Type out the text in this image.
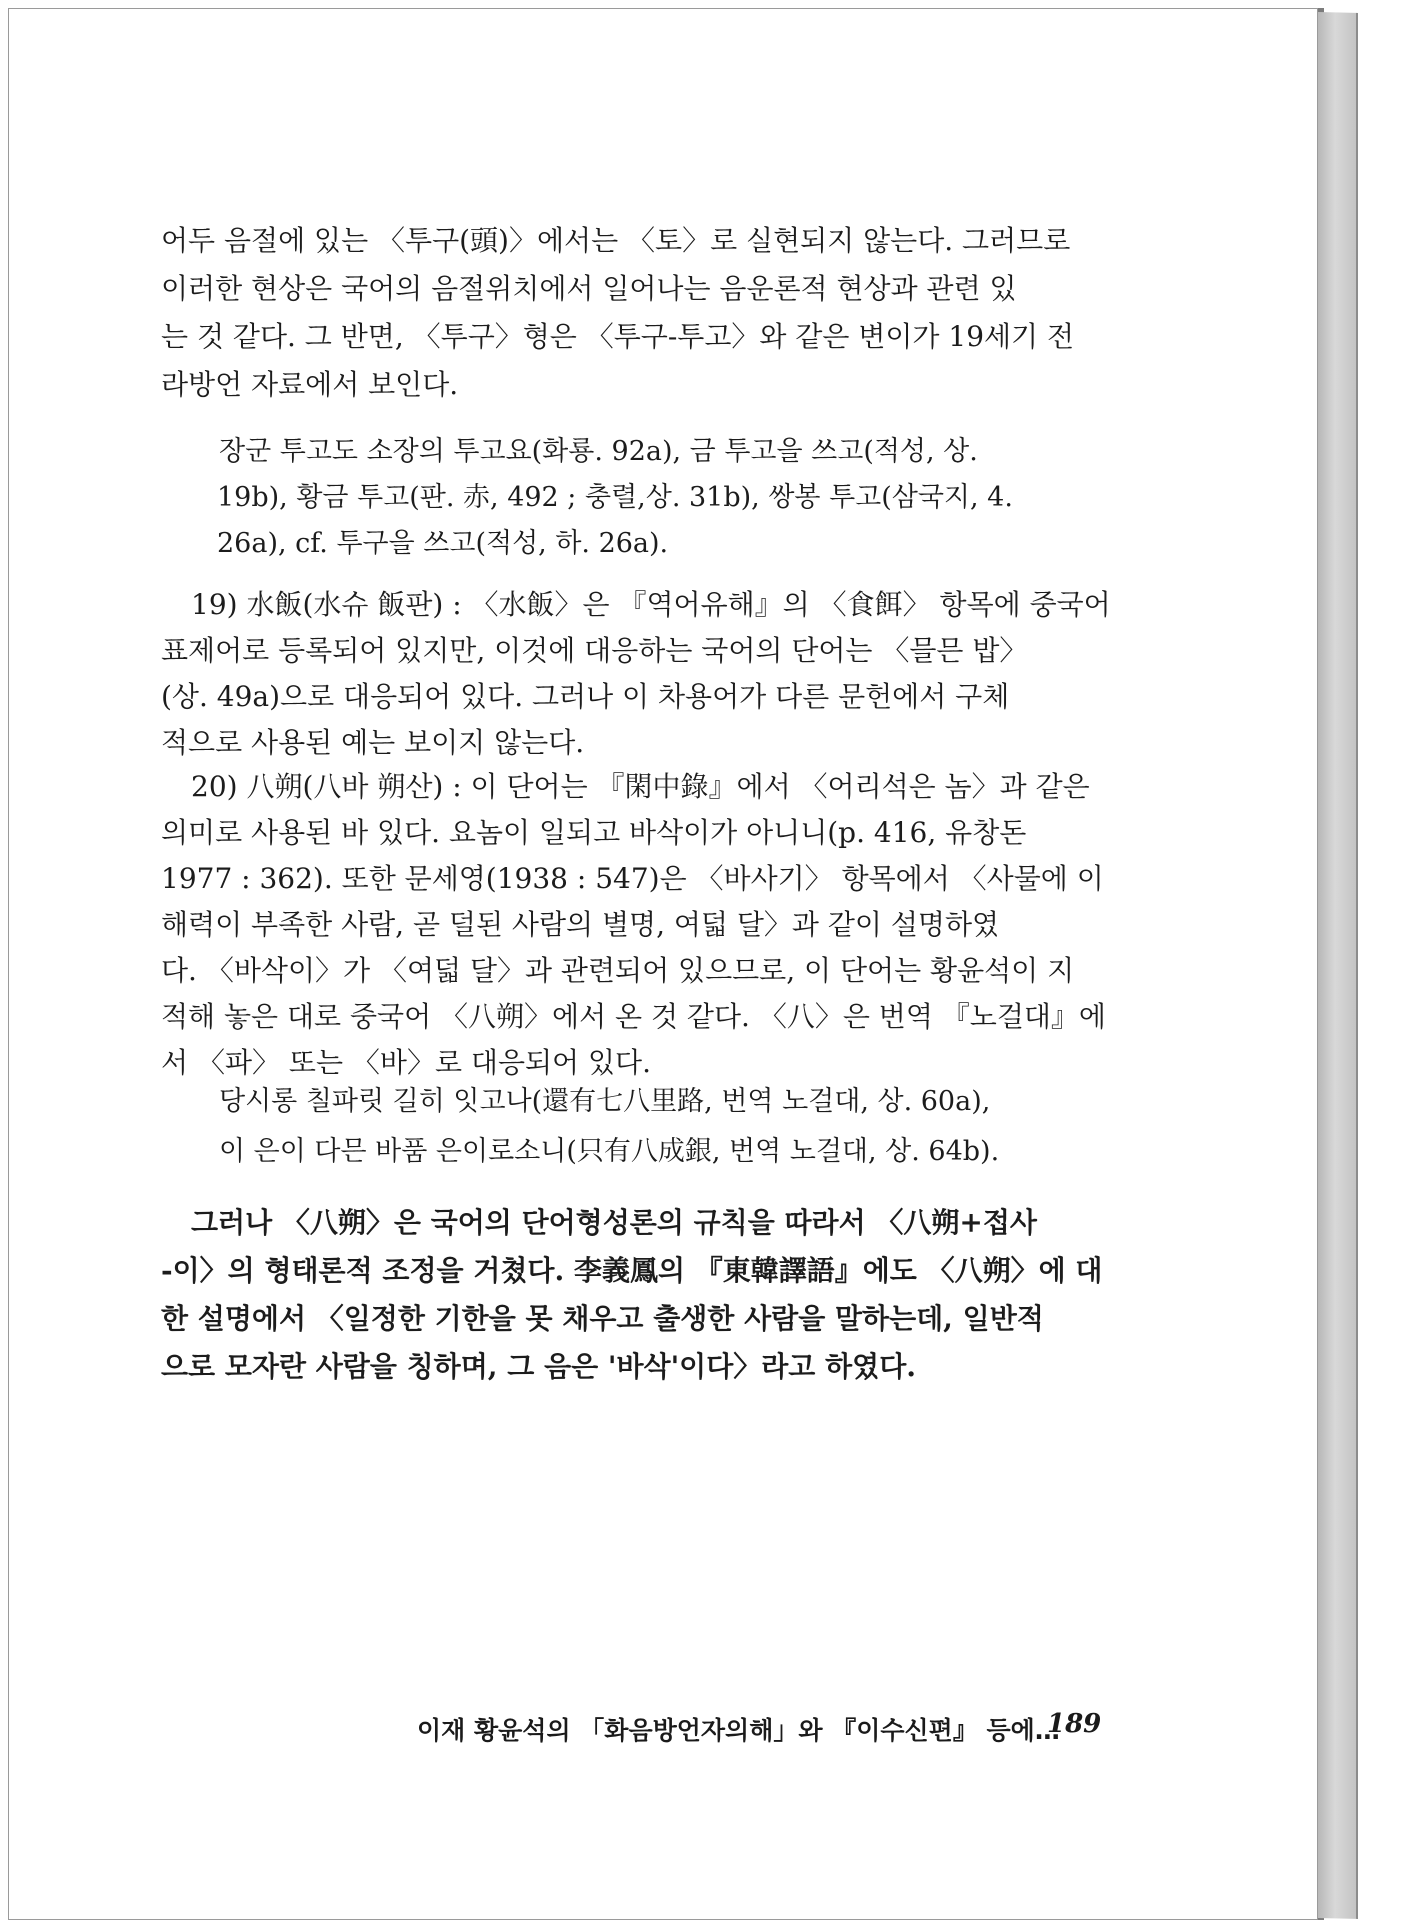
어두 음절에 있는 〈투구(頭)〉에서는 〈토〉로 실현되지 않는다. 그러므로
이러한 현상은 국어의 음절위치에서 일어나는 음운론적 현상과 관련 있
는 것 같다. 그 반면, 〈투구〉형은 〈투구-투고〉와 같은 변이가 19세기 전
라방언 자료에서 보인다.
장군 투고도 소장의 투고요(화룡. 92a), 금 투고을 쓰고(적성, 상.
19b), 황금 투고(판. 赤, 492 ; 충렬,상. 31b), 쌍봉 투고(삼국지, 4.
26a), cf. 투구을 쓰고(적성, 하. 26a).
19) 水飯(水슈 飯판) : 〈水飯〉은 『역어유해』의 〈食餌〉 항목에 중국어
표제어로 등록되어 있지만, 이것에 대응하는 국어의 단어는 〈믈믄 밥〉
(상. 49a)으로 대응되어 있다. 그러나 이 차용어가 다른 문헌에서 구체
적으로 사용된 예는 보이지 않는다.
20) 八朔(八바 朔산) : 이 단어는 『閑中錄』에서 〈어리석은 놈〉과 같은
의미로 사용된 바 있다. 요놈이 일되고 바삭이가 아니니(p. 416, 유창돈
1977 : 362). 또한 문세영(1938 : 547)은 〈바사기〉 항목에서 〈사물에 이
해력이 부족한 사람, 곧 덜된 사람의 별명, 여덟 달〉과 같이 설명하였
다. 〈바삭이〉가 〈여덟 달〉과 관련되어 있으므로, 이 단어는 황윤석이 지
적해 놓은 대로 중국어 〈八朔〉에서 온 것 같다. 〈八〉은 번역 『노걸대』에
서 〈파〉 또는 〈바〉로 대응되어 있다.
당시롱 칠파릿 길히 잇고나(還有七八里路, 번역 노걸대, 상. 60a),
이 은이 다믄 바품 은이로소니(只有八成銀, 번역 노걸대, 상. 64b).
그러나 〈八朔〉은 국어의 단어형성론의 규칙을 따라서 〈八朔+접사
-이〉의 형태론적 조정을 거쳤다. 李義鳳의 『東韓譯語』에도 〈八朔〉에 대
한 설명에서 〈일정한 기한을 못 채우고 출생한 사람을 말하는데, 일반적
으로 모자란 사람을 칭하며, 그 음은 '바삭'이다〉라고 하였다.
이재 황윤석의 「화음방언자의해」와 『이수신편』 등에…
189
